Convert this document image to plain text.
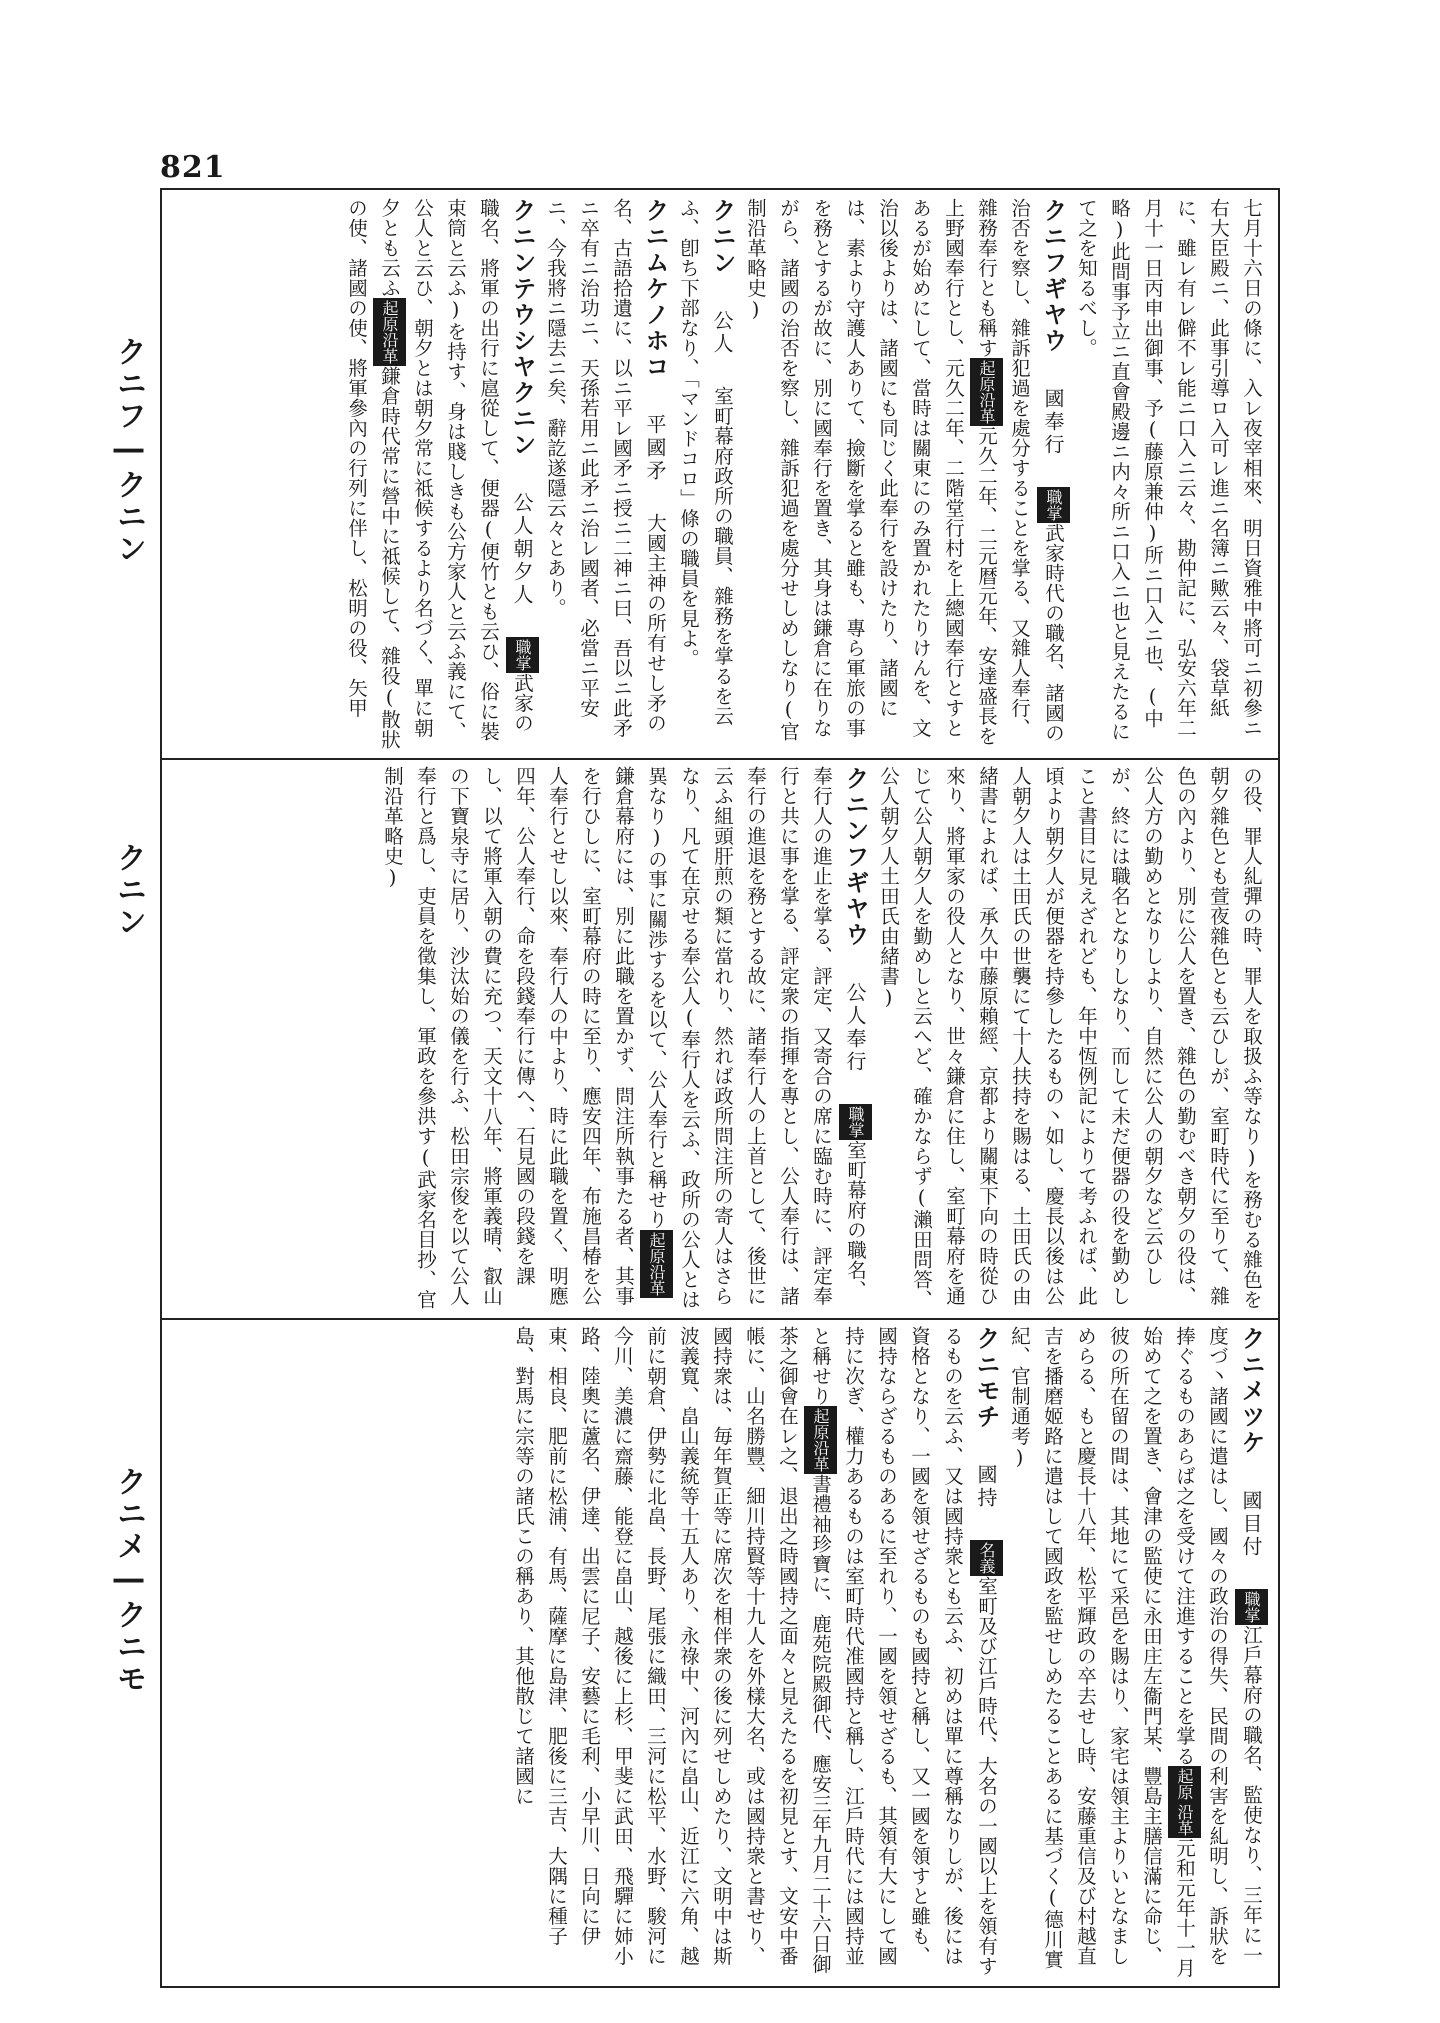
821
クニフ―クニン
クニン
クニメ―クニモ
七月十六日の條に、入レ夜宰相來、明日資雅中將可ニ初參ニ右大臣殿ニ、此事引導ロ入可レ進ニ名簿ニ歟云々、袋草紙に、雖レ有レ僻不レ能ニ口入ニ云々、勘仲記に、弘安六年二月十一日丙申出御事、予(藤原兼仲)所ニ口入ニ也、(中略)此間事予立ニ直會殿邊ニ内々所ニ口入ニ也と見えたるにて之を知るべし。
クニフギヤウ　國奉行　職掌武家時代の職名、諸國の治否を察し、雜訴犯過を處分することを掌る、又雜人奉行、雜務奉行とも稱す起原沿革元久二年、二元暦元年、安達盛長を上野國奉行とし、元久二年、二階堂行村を上總國奉行とすとあるが始めにして、當時は關東にのみ置かれたりけんを、文治以後よりは、諸國にも同じく此奉行を設けたり、諸國には、素より守護人ありて、撿斷を掌ると雖も、專ら軍旅の事を務とするが故に、別に國奉行を置き、其身は鎌倉に在りながら、諸國の治否を察し、雜訴犯過を處分せしめしなり(官制沿革略史)
クニン　公人　室町幕府政所の職員、雜務を掌るを云ふ、卽ち下部なり、「マンドコロ」條の職員を見よ。
クニムケノホコ　平國矛　大國主神の所有せし矛の名、古語拾遺に、以ニ平レ國矛ニ授ニ二神ニ曰、吾以ニ此矛ニ卒有ニ治功ニ、天孫若用ニ此矛ニ治レ國者、必當ニ平安ニ、今我將ニ隱去ニ矣、辭訖遂隱云々とあり。
クニンテウシヤクニン　公人朝夕人　職掌武家の職名、將軍の出行に扈從して、便器(便竹とも云ひ、俗に裝束筒と云ふ)を持す、身は賤しきも公方家人と云ふ義にて、公人と云ひ、朝夕とは朝夕常に祗候するより名づく、單に朝夕とも云ふ起原沿革鎌倉時代常に營中に祗候して、雜役(散狀の使、諸國の使、將軍參內の行列に伴し、松明の役、矢甲
の役、罪人糺彈の時、罪人を取扱ふ等なり)を務むる雜色を朝夕雜色とも萱夜雜色とも云ひしが、室町時代に至りて、雜色の內より、別に公人を置き、雜色の勤むべき朝夕の役は、公人方の勤めとなりしより、自然に公人の朝夕など云ひしが、終には職名となりしなり、而して未だ便器の役を勤めしこと書目に見えざれども、年中恆例記によりて考ふれば、此頃より朝夕人が便器を持參したるもの丶如し、慶長以後は公人朝夕人は土田氏の世襲にて十人扶持を賜はる、土田氏の由緒書によれば、承久中藤原賴經、京都より關東下向の時從ひ來り、將軍家の役人となり、世々鎌倉に住し、室町幕府を通じて公人朝夕人を勤めしと云へど、確かならず(瀨田問答、公人朝夕人土田氏由緒書)
クニンフギヤウ　公人奉行　職掌室町幕府の職名、奉行人の進止を掌る、評定、又寄合の席に臨む時に、評定奉行と共に事を掌る、評定衆の指揮を專とし、公人奉行は、諸奉行の進退を務とする故に、諸奉行人の上首として、後世に云ふ組頭肝煎の類に當れり、然れば政所問注所の寄人はさらなり、凡て在京せる奉公人(奉行人を云ふ、政所の公人とは異なり)の事に關渉するを以て、公人奉行と稱せり起原沿革鎌倉幕府には、別に此職を置かず、問注所執事たる者、其事を行ひしに、室町幕府の時に至り、應安四年、布施昌椿を公人奉行とせし以來、奉行人の中より、時に此職を置く、明應四年、公人奉行、命を段錢奉行に傳へ、石見國の段錢を課し、以て將軍入朝の費に充つ、天文十八年、將軍義晴、叡山の下寶泉寺に居り、沙汰始の儀を行ふ、松田宗俊を以て公人奉行と爲し、吏員を徵集し、軍政を參洪す(武家名目抄、官制沿革略史)
クニメツケ　國目付　職掌江戶幕府の職名、監使なり、三年に一度づ丶諸國に遣はし、國々の政治の得失、民間の利害を糺明し、訴狀を捧ぐるものあらば之を受けて注進することを掌る起原沿革元和元年十一月始めて之を置き、會津の監使に永田庄左衞門某、豐島主膳信滿に命じ、彼の所在留の間は、其地にて采邑を賜はり、家宅は領主よりいとなましめらる、もと慶長十八年、松平輝政の卒去せし時、安藤重信及び村越直吉を播磨姬路に遣はして國政を監せしめたることあるに基づく(德川實紀、官制通考)
クニモチ　國持　名義室町及び江戶時代、大名の一國以上を領有するものを云ふ、又は國持衆とも云ふ、初めは單に尊稱なりしが、後には資格となり、一國を領せざるものも國持と稱し、又一國を領すと雖も、國持ならざるものあるに至れり、一國を領せざるも、其領有大にして國持に次ぎ、權力あるものは室町時代准國持と稱し、江戶時代には國持並と稱せり起原沿革書禮袖珍寶に、鹿苑院殿御代、應安三年九月二十六日御茶之御會在レ之、退出之時國持之面々と見えたるを初見とす、文安中番帳に、山名勝豐、細川持賢等十九人を外樣大名、或は國持衆と書せり、國持衆は、毎年賀正等に席次を相伴衆の後に列せしめたり、文明中は斯波義寬、畠山義統等十五人あり、永祿中、河內に畠山、近江に六角、越前に朝倉、伊勢に北畠、長野、尾張に織田、三河に松平、水野、駿河に今川、美濃に齋藤、能登に畠山、越後に上杉、甲斐に武田、飛驒に姉小路、陸奧に蘆名、伊達、出雲に尼子、安藝に毛利、小早川、日向に伊東、相良、肥前に松浦、有馬、薩摩に島津、肥後に三吉、大隅に種子島、對馬に宗等の諸氏この稱あり、其他散じて諸國に
